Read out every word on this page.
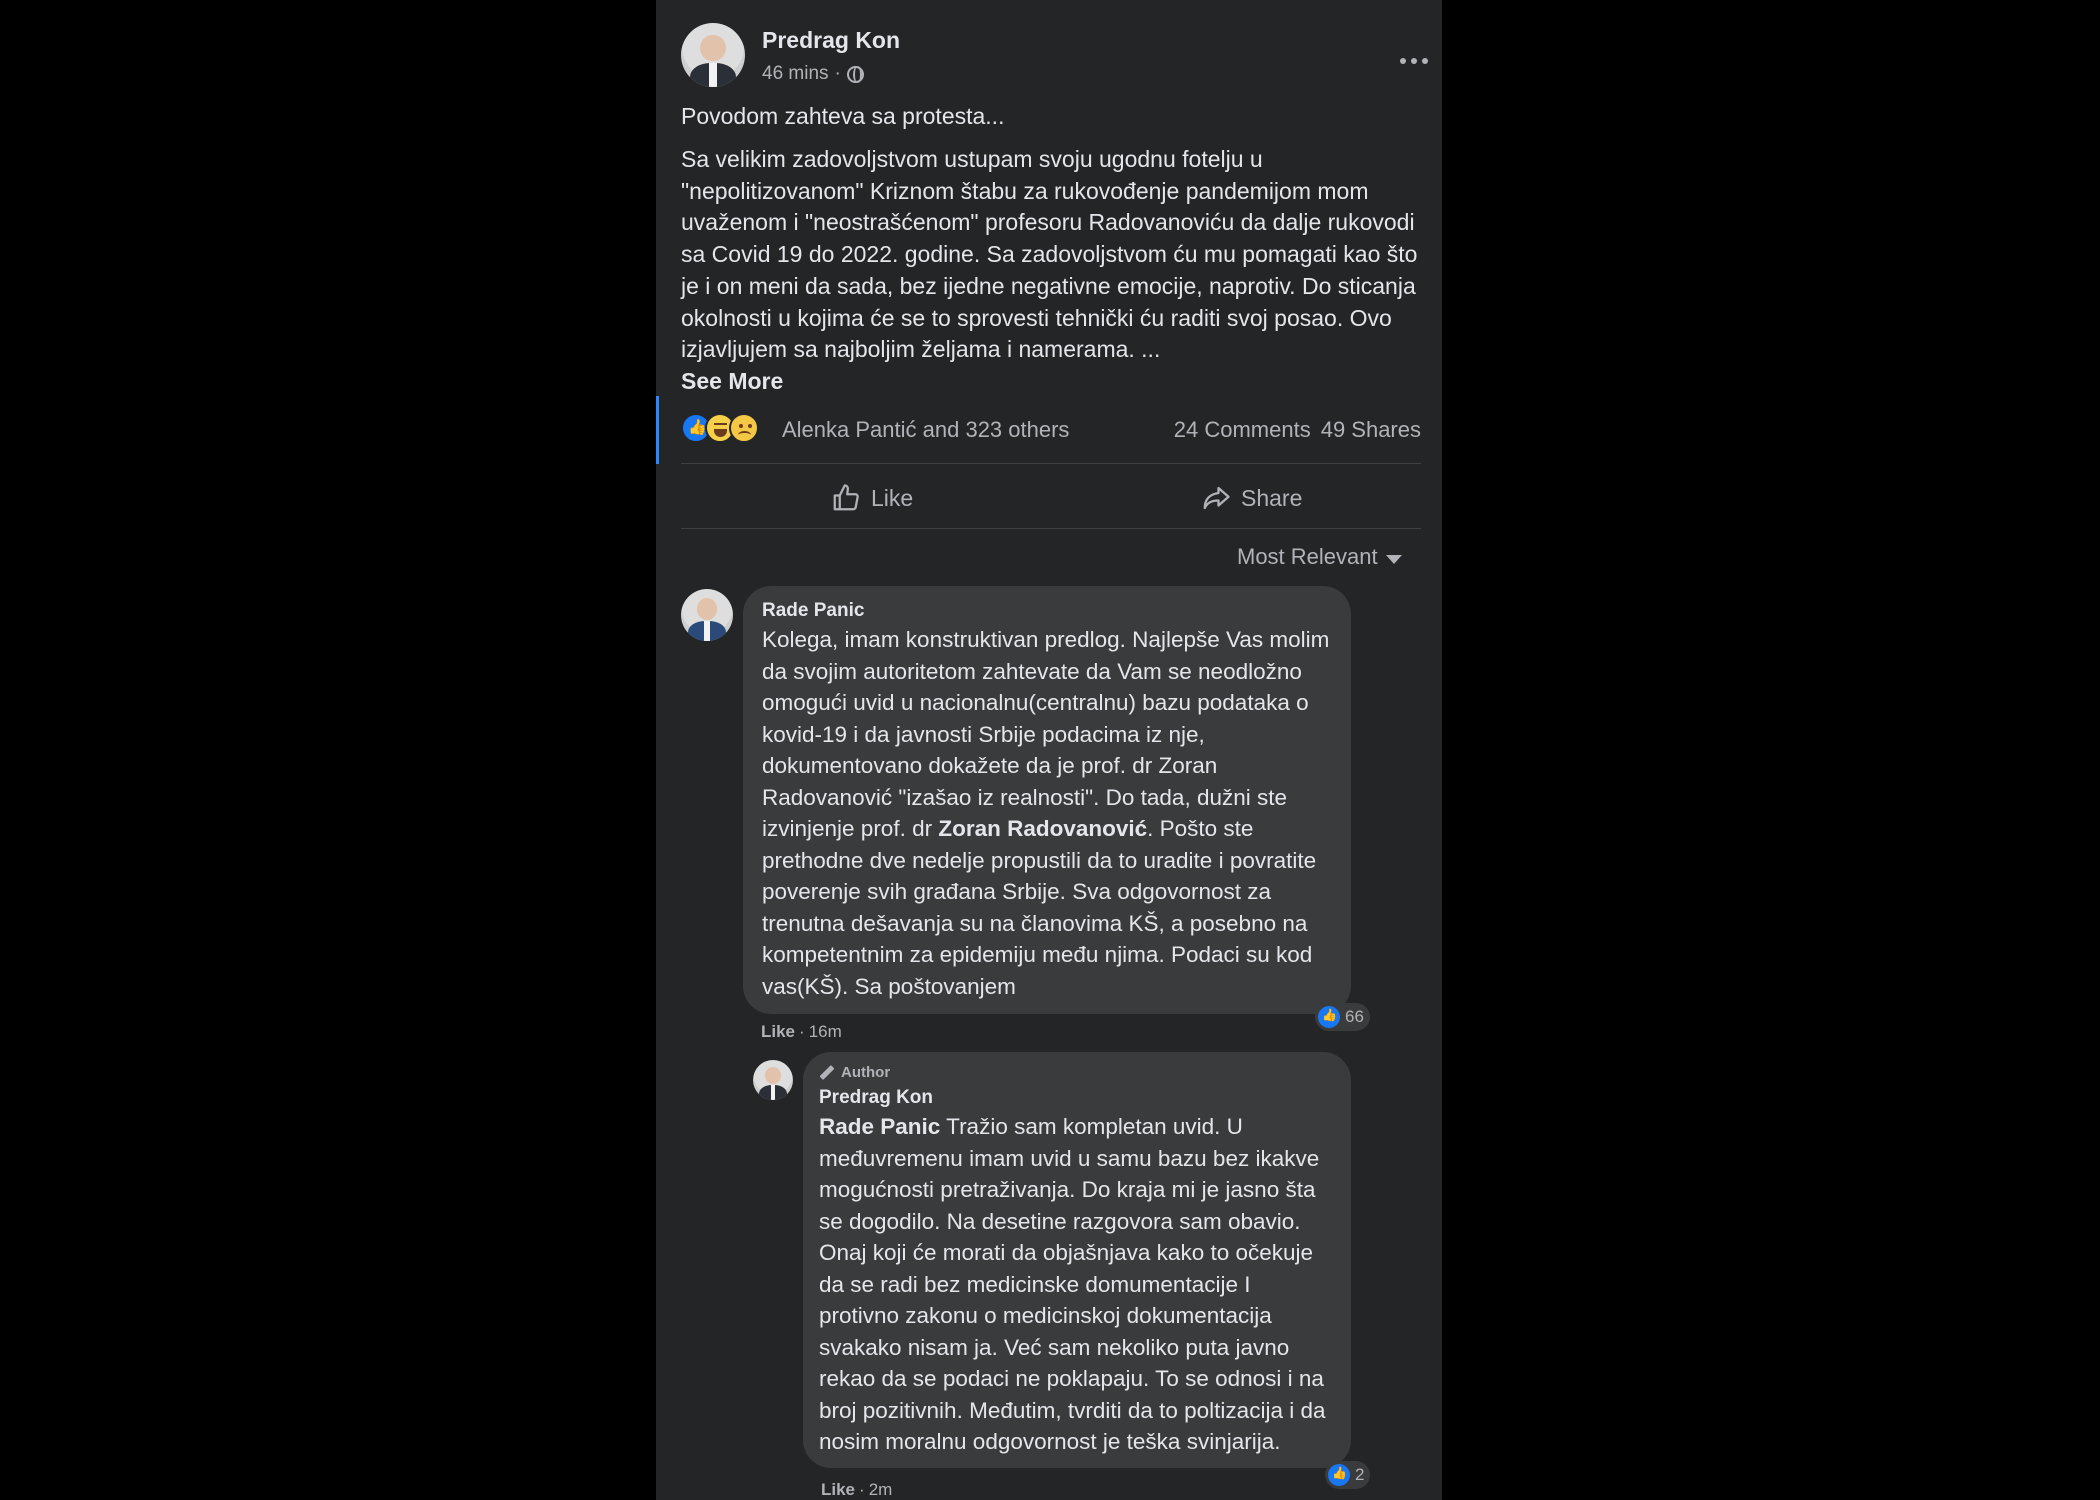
Predrag Kon
46 mins ·
Povodom zahteva sa protesta...
Sa velikim zadovoljstvom ustupam svoju ugodnu fotelju u "nepolitizovanom" Kriznom štabu za rukovođenje pandemijom mom uvaženom i "neostrašćenom" profesoru Radovanoviću da dalje rukovodi sa Covid 19 do 2022. godine. Sa zadovoljstvom ću mu pomagati kao što je i on meni da sada, bez ijedne negativne emocije, naprotiv. Do sticanja okolnosti u kojima će se to sprovesti tehnički ću raditi svoj posao. Ovo izjavljujem sa najboljim željama i namerama. ...
See More
👍
Alenka Pantić and 323 others	24 Comments 49 Shares
Like	Share
Most Relevant
Rade Panic
Kolega, imam konstruktivan predlog. Najlepše Vas molim da svojim autoritetom zahtevate da Vam se neodložno omogući uvid u nacionalnu(centralnu) bazu podataka o kovid-19 i da javnosti Srbije podacima iz nje, dokumentovano dokažete da je prof. dr Zoran Radovanović "izašao iz realnosti". Do tada, dužni ste izvinjenje prof. dr Zoran Radovanović. Pošto ste prethodne dve nedelje propustili da to uradite i povratite poverenje svih građana Srbije. Sva odgovornost za trenutna dešavanja su na članovima KŠ, a posebno na kompetentnim za epidemiju među njima. Podaci su kod vas(KŠ). Sa poštovanjem
👍
66
Like · 16m
Author
Predrag Kon
Rade Panic Tražio sam kompletan uvid. U međuvremenu imam uvid u samu bazu bez ikakve mogućnosti pretraživanja. Do kraja mi je jasno šta se dogodilo. Na desetine razgovora sam obavio. Onaj koji će morati da objašnjava kako to očekuje da se radi bez medicinske domumentacije I protivno zakonu o medicinskoj dokumentacija svakako nisam ja. Već sam nekoliko puta javno rekao da se podaci ne poklapaju. To se odnosi i na broj pozitivnih. Međutim, tvrditi da to poltizacija i da nosim moralnu odgovornost je teška svinjarija.
👍
2
Like · 2m
